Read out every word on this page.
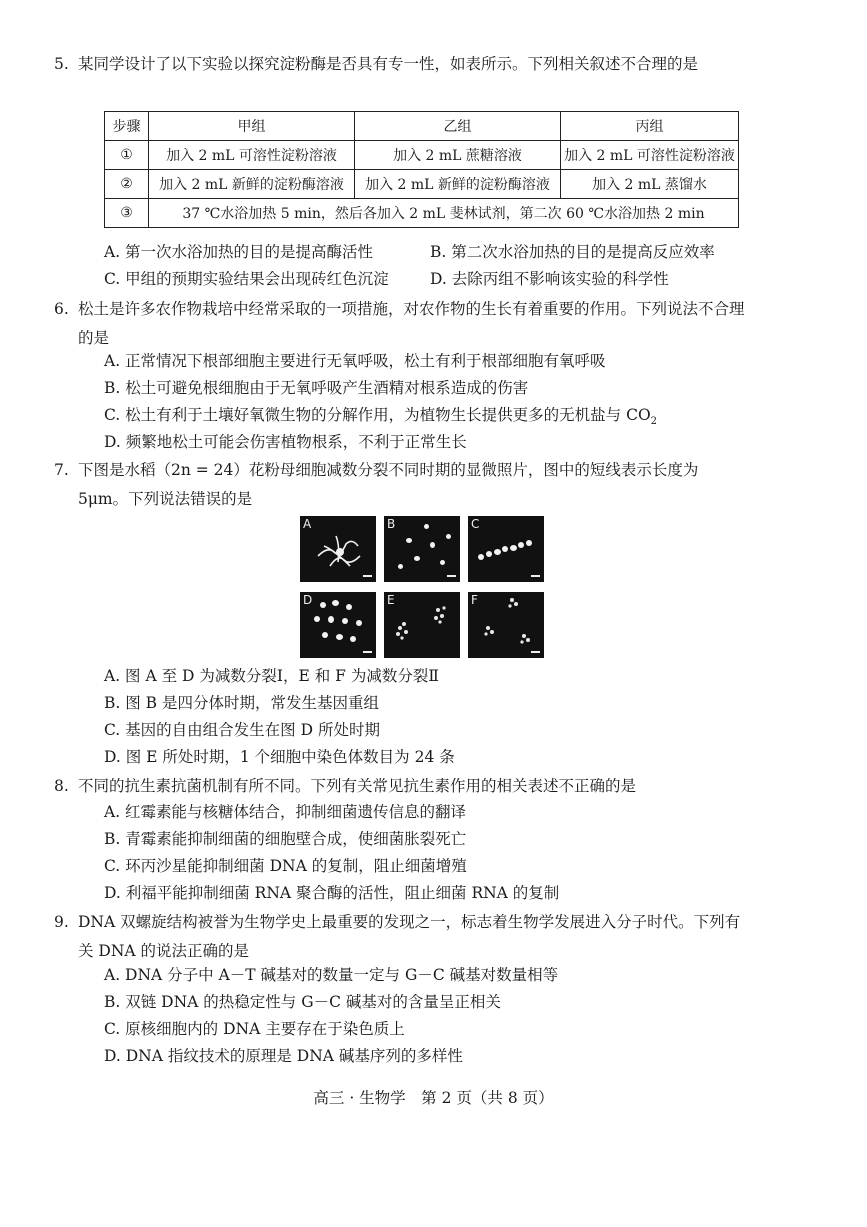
5. 某同学设计了以下实验以探究淀粉酶是否具有专一性，如表所示。下列相关叙述不合理的是
步骤	甲组	乙组	丙组
①	加入 2 mL 可溶性淀粉溶液	加入 2 mL 蔗糖溶液	加入 2 mL 可溶性淀粉溶液
②	加入 2 mL 新鲜的淀粉酶溶液	加入 2 mL 新鲜的淀粉酶溶液	加入 2 mL 蒸馏水
③	37 ℃水浴加热 5 min，然后各加入 2 mL 斐林试剂，第二次 60 ℃水浴加热 2 min		
A. 第一次水浴加热的目的是提高酶活性	B. 第二次水浴加热的目的是提高反应效率
C. 甲组的预期实验结果会出现砖红色沉淀	D. 去除丙组不影响该实验的科学性
6. 松土是许多农作物栽培中经常采取的一项措施，对农作物的生长有着重要的作用。下列说法不合理的是
A. 正常情况下根部细胞主要进行无氧呼吸，松土有利于根部细胞有氧呼吸
B. 松土可避免根细胞由于无氧呼吸产生酒精对根系造成的伤害
C. 松土有利于土壤好氧微生物的分解作用，为植物生长提供更多的无机盐与 $CO_2$
D. 频繁地松土可能会伤害植物根系，不利于正常生长
7. 下图是水稻（2n = 24）花粉母细胞减数分裂不同时期的显微照片，图中的短线表示长度为 5μm。下列说法错误的是
A	B	C
D	E	F
A. 图 A 至 D 为减数分裂Ⅰ，E 和 F 为减数分裂Ⅱ
B. 图 B 是四分体时期，常发生基因重组
C. 基因的自由组合发生在图 D 所处时期
D. 图 E 所处时期，1 个细胞中染色体数目为 24 条
8. 不同的抗生素抗菌机制有所不同。下列有关常见抗生素作用的相关表述不正确的是
A. 红霉素能与核糖体结合，抑制细菌遗传信息的翻译
B. 青霉素能抑制细菌的细胞壁合成，使细菌胀裂死亡
C. 环丙沙星能抑制细菌 DNA 的复制，阻止细菌增殖
D. 利福平能抑制细菌 RNA 聚合酶的活性，阻止细菌 RNA 的复制
9. DNA 双螺旋结构被誉为生物学史上最重要的发现之一，标志着生物学发展进入分子时代。下列有关 DNA 的说法正确的是
A. DNA 分子中 A－T 碱基对的数量一定与 G－C 碱基对数量相等
B. 双链 DNA 的热稳定性与 G－C 碱基对的含量呈正相关
C. 原核细胞内的 DNA 主要存在于染色质上
D. DNA 指纹技术的原理是 DNA 碱基序列的多样性
高三 · 生物学　第 2 页（共 8 页）
